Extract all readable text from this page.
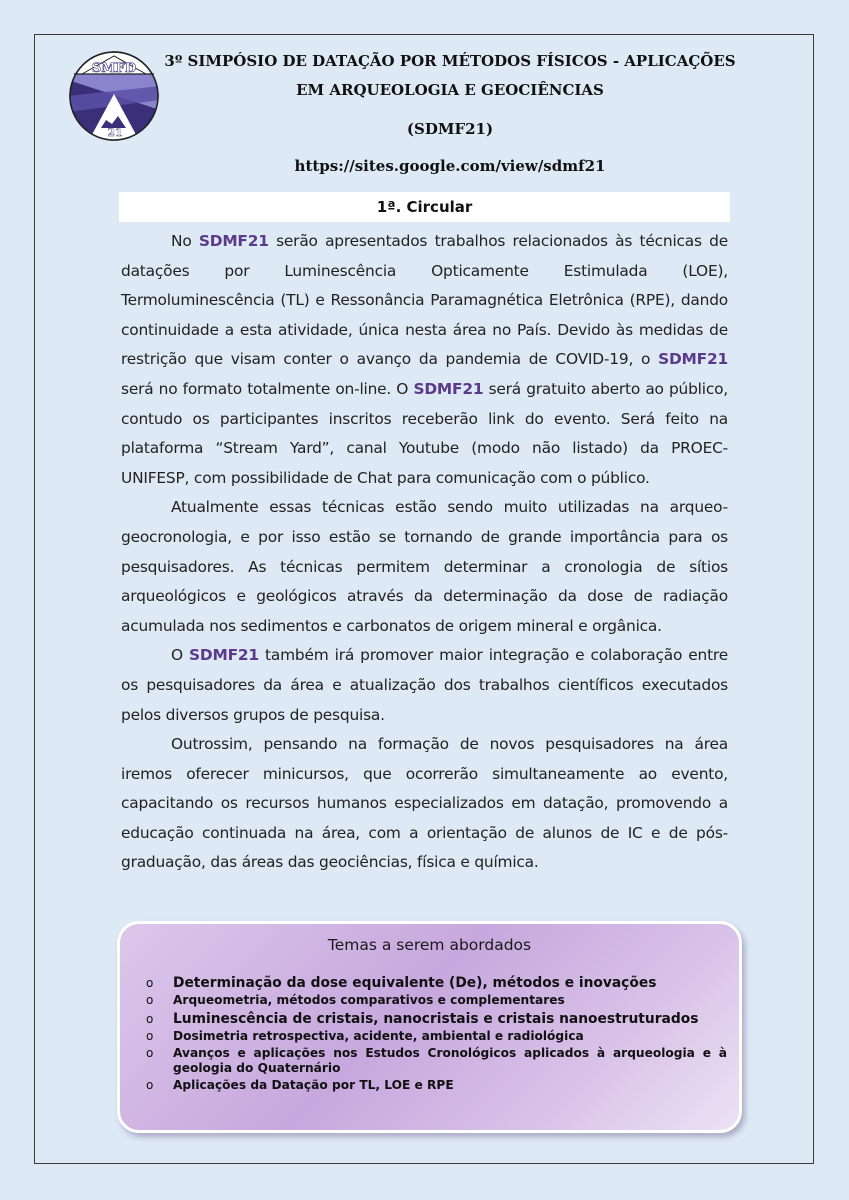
SMFD
21
3º SIMPÓSIO DE DATAÇÃO POR MÉTODOS FÍSICOS - APLICAÇÕES
EM ARQUEOLOGIA E GEOCIÊNCIAS
(SDMF21)
https://sites.google.com/view/sdmf21
1ª. Circular

No SDMF21 serão apresentados trabalhos relacionados às técnicas de datações por Luminescência Opticamente Estimulada (LOE), Termoluminescência (TL) e Ressonância Paramagnética Eletrônica (RPE), dando continuidade a esta atividade, única nesta área no País. Devido às medidas de restrição que visam conter o avanço da pandemia de COVID-19, o SDMF21 será no formato totalmente on-line. O SDMF21 será gratuito aberto ao público, contudo os participantes inscritos receberão link do evento. Será feito na plataforma “Stream Yard”, canal Youtube (modo não listado) da PROEC-UNIFESP, com possibilidade de Chat para comunicação com o público.

Atualmente essas técnicas estão sendo muito utilizadas na arqueo-geocronologia, e por isso estão se tornando de grande importância para os pesquisadores. As técnicas permitem determinar a cronologia de sítios arqueológicos e geológicos através da determinação da dose de radiação acumulada nos sedimentos e carbonatos de origem mineral e orgânica.

O SDMF21 também irá promover maior integração e colaboração entre os pesquisadores da área e atualização dos trabalhos científicos executados pelos diversos grupos de pesquisa.

Outrossim, pensando na formação de novos pesquisadores na área iremos oferecer minicursos, que ocorrerão simultaneamente ao evento, capacitando os recursos humanos especializados em datação, promovendo a educação continuada na área, com a orientação de alunos de IC e de pós-graduação, das áreas das geociências, física e química.

Temas a serem abordados
o Determinação da dose equivalente (De), métodos e inovações
o Arqueometria, métodos comparativos e complementares
o Luminescência de cristais, nanocristais e cristais nanoestruturados
o Dosimetria retrospectiva, acidente, ambiental e radiológica
o Avanços e aplicações nos Estudos Cronológicos aplicados à arqueologia e à geologia do Quaternário
o Aplicações da Datação por TL, LOE e RPE
